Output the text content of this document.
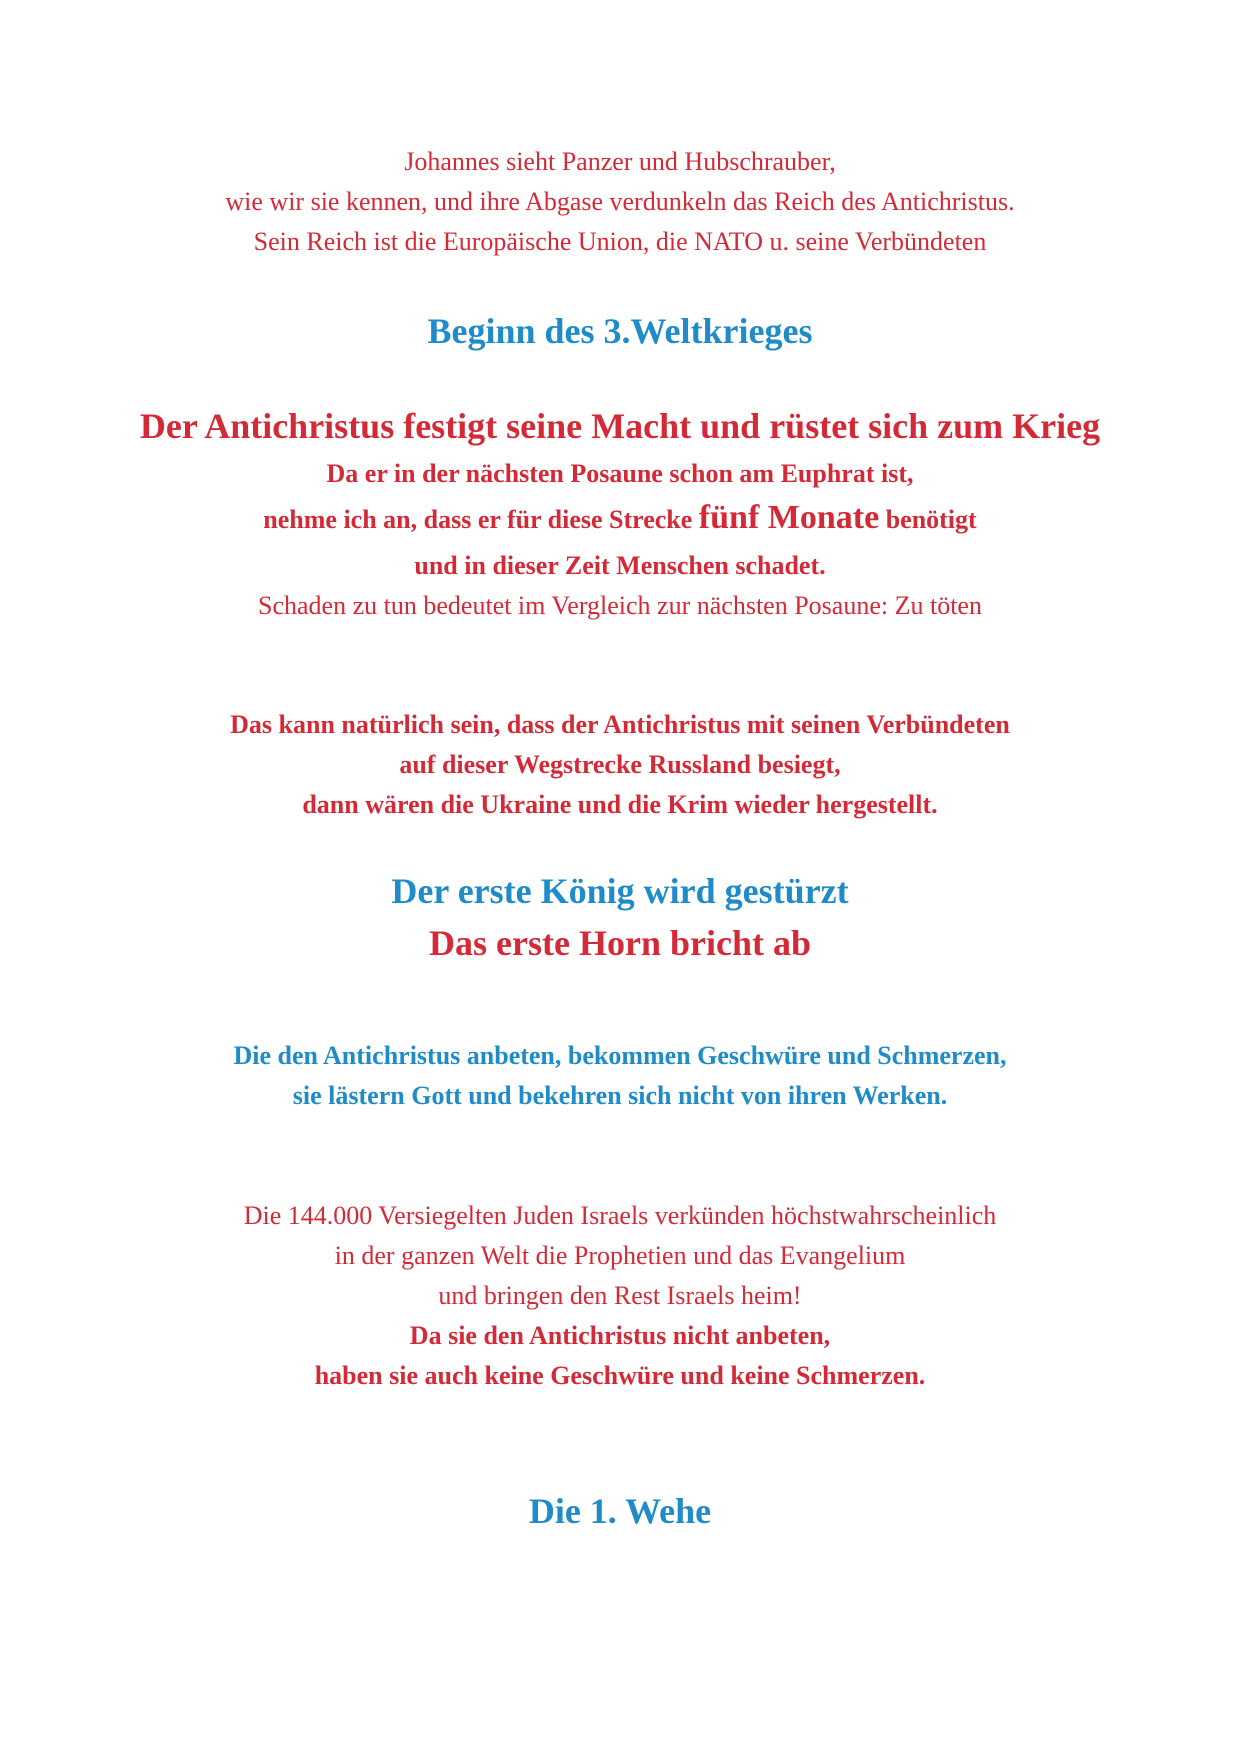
Johannes sieht Panzer und Hubschrauber,
wie wir sie kennen, und ihre Abgase verdunkeln das Reich des Antichristus.
Sein Reich ist die Europäische Union, die NATO u. seine Verbündeten
Beginn des 3.Weltkrieges
Der Antichristus festigt seine Macht und rüstet sich zum Krieg
Da er in der nächsten Posaune schon am Euphrat ist,
nehme ich an, dass er für diese Strecke fünf Monate benötigt
und in dieser Zeit Menschen schadet.
Schaden zu tun bedeutet im Vergleich zur nächsten Posaune: Zu töten
Das kann natürlich sein, dass der Antichristus mit seinen Verbündeten
auf dieser Wegstrecke Russland besiegt,
dann wären die Ukraine und die Krim wieder hergestellt.
Der erste König wird gestürzt
Das erste Horn bricht ab
Die den Antichristus anbeten, bekommen Geschwüre und Schmerzen,
sie lästern Gott und bekehren sich nicht von ihren Werken.
Die 144.000 Versiegelten Juden Israels verkünden höchstwahrscheinlich
in der ganzen Welt die Prophetien und das Evangelium
und bringen den Rest Israels heim!
Da sie den Antichristus nicht anbeten,
haben sie auch keine Geschwüre und keine Schmerzen.
Die 1. Wehe
